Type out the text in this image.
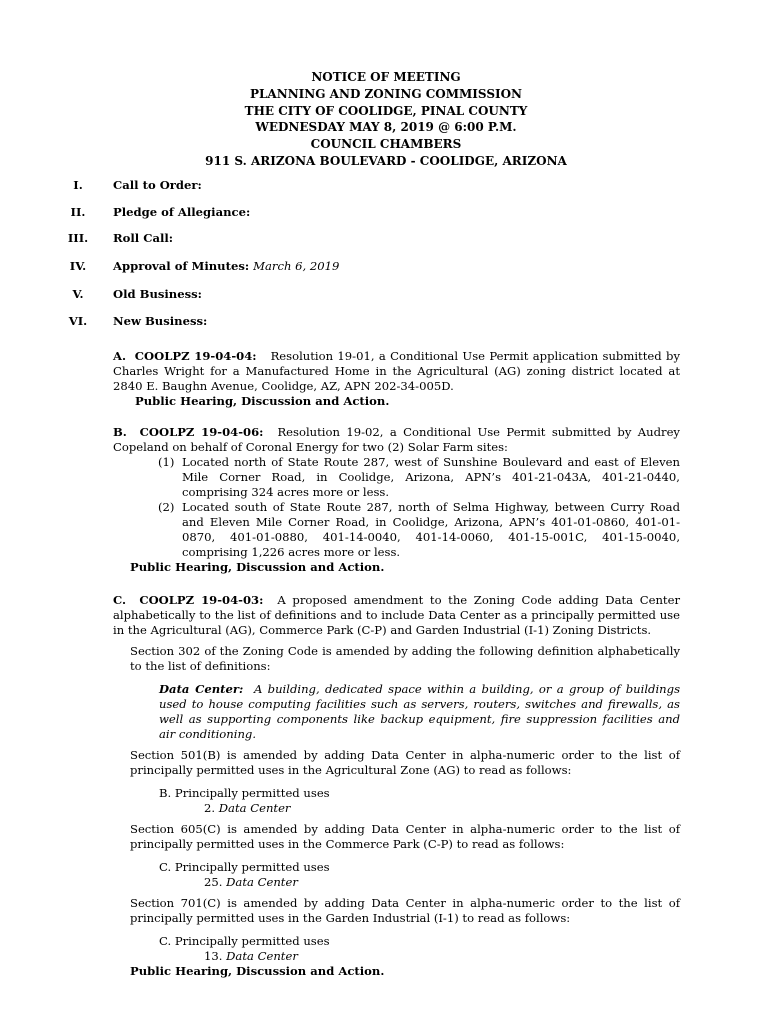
NOTICE OF MEETING
PLANNING AND ZONING COMMISSION
THE CITY OF COOLIDGE, PINAL COUNTY
WEDNESDAY MAY 8, 2019 @ 6:00 P.M.
COUNCIL CHAMBERS
911 S. ARIZONA BOULEVARD - COOLIDGE, ARIZONA
I.	Call to Order:
II.	Pledge of Allegiance:
III. Roll Call:
IV.	Approval of Minutes: March 6, 2019
V.	Old Business:
VI. New Business:
A. COOLPZ 19-04-04: Resolution 19-01, a Conditional Use Permit application submitted by Charles Wright for a Manufactured Home in the Agricultural (AG) zoning district located at 2840 E. Baughn Avenue, Coolidge, AZ, APN 202-34-005D.
Public Hearing, Discussion and Action.
B. COOLPZ 19-04-06: Resolution 19-02, a Conditional Use Permit submitted by Audrey Copeland on behalf of Coronal Energy for two (2) Solar Farm sites:
(1) Located north of State Route 287, west of Sunshine Boulevard and east of Eleven Mile Corner Road, in Coolidge, Arizona, APN’s 401-21-043A, 401-21-0440, comprising 324 acres more or less.
(2) Located south of State Route 287, north of Selma Highway, between Curry Road and Eleven Mile Corner Road, in Coolidge, Arizona, APN’s 401-01-0860, 401-01-0870, 401-01-0880, 401-14-0040, 401-14-0060, 401-15-001C, 401-15-0040, comprising 1,226 acres more or less.
Public Hearing, Discussion and Action.
C. COOLPZ 19-04-03: A proposed amendment to the Zoning Code adding Data Center alphabetically to the list of definitions and to include Data Center as a principally permitted use in the Agricultural (AG), Commerce Park (C-P) and Garden Industrial (I-1) Zoning Districts.
Section 302 of the Zoning Code is amended by adding the following definition alphabetically to the list of definitions:
Data Center: A building, dedicated space within a building, or a group of buildings used to house computing facilities such as servers, routers, switches and firewalls, as well as supporting components like backup equipment, fire suppression facilities and air conditioning.
Section 501(B) is amended by adding Data Center in alpha-numeric order to the list of principally permitted uses in the Agricultural Zone (AG) to read as follows:
B. Principally permitted uses
2. Data Center
Section 605(C) is amended by adding Data Center in alpha-numeric order to the list of principally permitted uses in the Commerce Park (C-P) to read as follows:
C. Principally permitted uses
25. Data Center
Section 701(C) is amended by adding Data Center in alpha-numeric order to the list of principally permitted uses in the Garden Industrial (I-1) to read as follows:
C. Principally permitted uses
13. Data Center
Public Hearing, Discussion and Action.
